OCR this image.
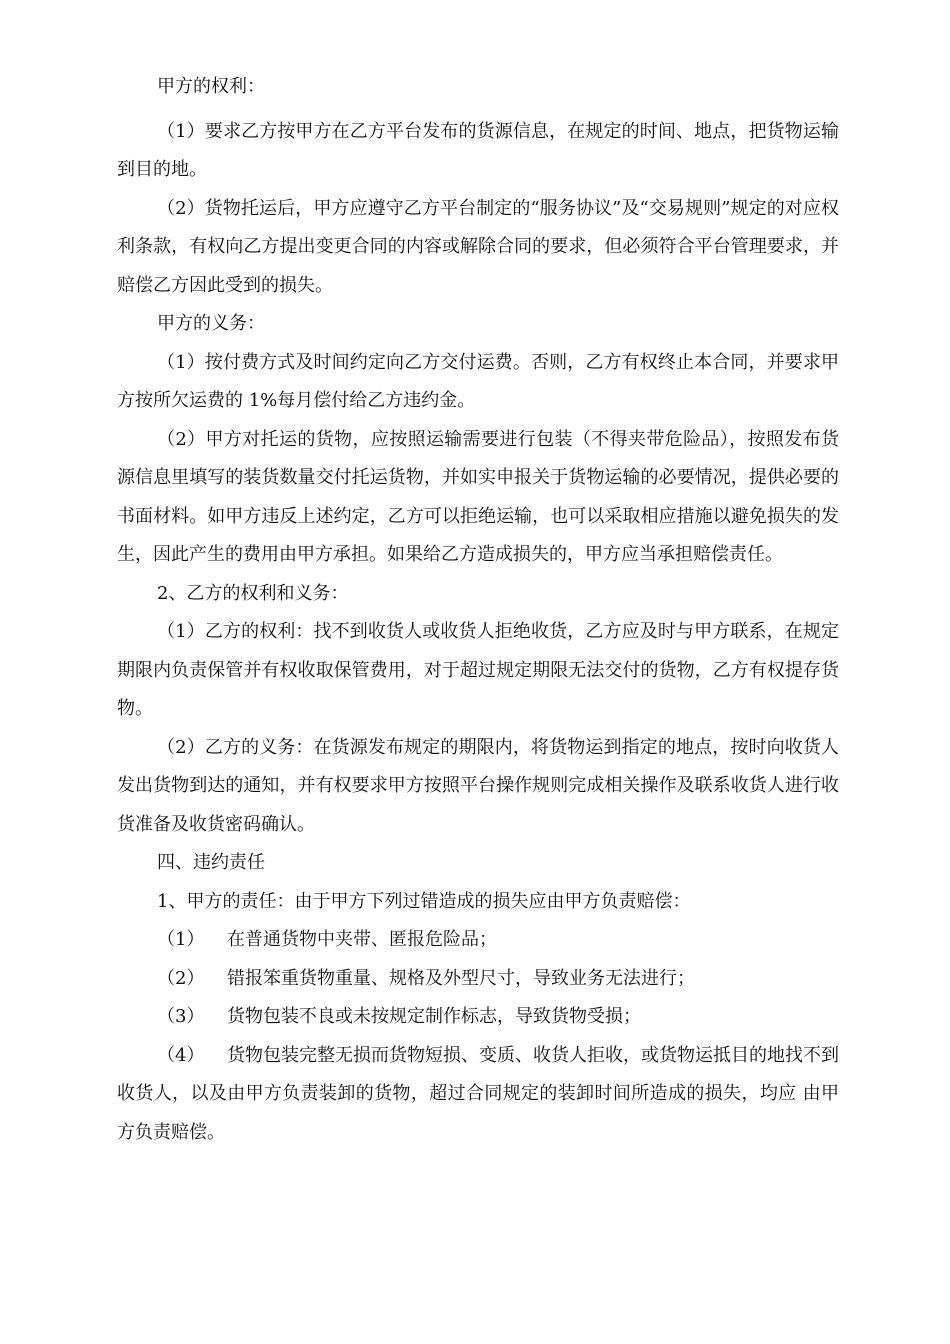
甲方的权利：

（1）要求乙方按甲方在乙方平台发布的货源信息，在规定的时间、地点，把货物运输到目的地。

（2）货物托运后，甲方应遵守乙方平台制定的“服务协议”及“交易规则”规定的对应权利条款，有权向乙方提出变更合同的内容或解除合同的要求，但必须符合平台管理要求，并赔偿乙方因此受到的损失。

甲方的义务：

（1）按付费方式及时间约定向乙方交付运费。否则，乙方有权终止本合同，并要求甲方按所欠运费的 1%每月偿付给乙方违约金。

（2）甲方对托运的货物，应按照运输需要进行包装（不得夹带危险品），按照发布货源信息里填写的装货数量交付托运货物，并如实申报关于货物运输的必要情况，提供必要的书面材料。如甲方违反上述约定，乙方可以拒绝运输，也可以采取相应措施以避免损失的发生，因此产生的费用由甲方承担。如果给乙方造成损失的，甲方应当承担赔偿责任。

2、乙方的权利和义务：

（1）乙方的权利：找不到收货人或收货人拒绝收货，乙方应及时与甲方联系，在规定期限内负责保管并有权收取保管费用，对于超过规定期限无法交付的货物，乙方有权提存货物。

（2）乙方的义务：在货源发布规定的期限内，将货物运到指定的地点，按时向收货人发出货物到达的通知，并有权要求甲方按照平台操作规则完成相关操作及联系收货人进行收货准备及收货密码确认。

四、违约责任

1、甲方的责任：由于甲方下列过错造成的损失应由甲方负责赔偿：

（1） 在普通货物中夹带、匿报危险品；

（2） 错报笨重货物重量、规格及外型尺寸，导致业务无法进行；

（3） 货物包装不良或未按规定制作标志，导致货物受损；

（4） 货物包装完整无损而货物短损、变质、收货人拒收，或货物运抵目的地找不到 收货人，以及由甲方负责装卸的货物，超过合同规定的装卸时间所造成的损失，均应 由甲方负责赔偿。
